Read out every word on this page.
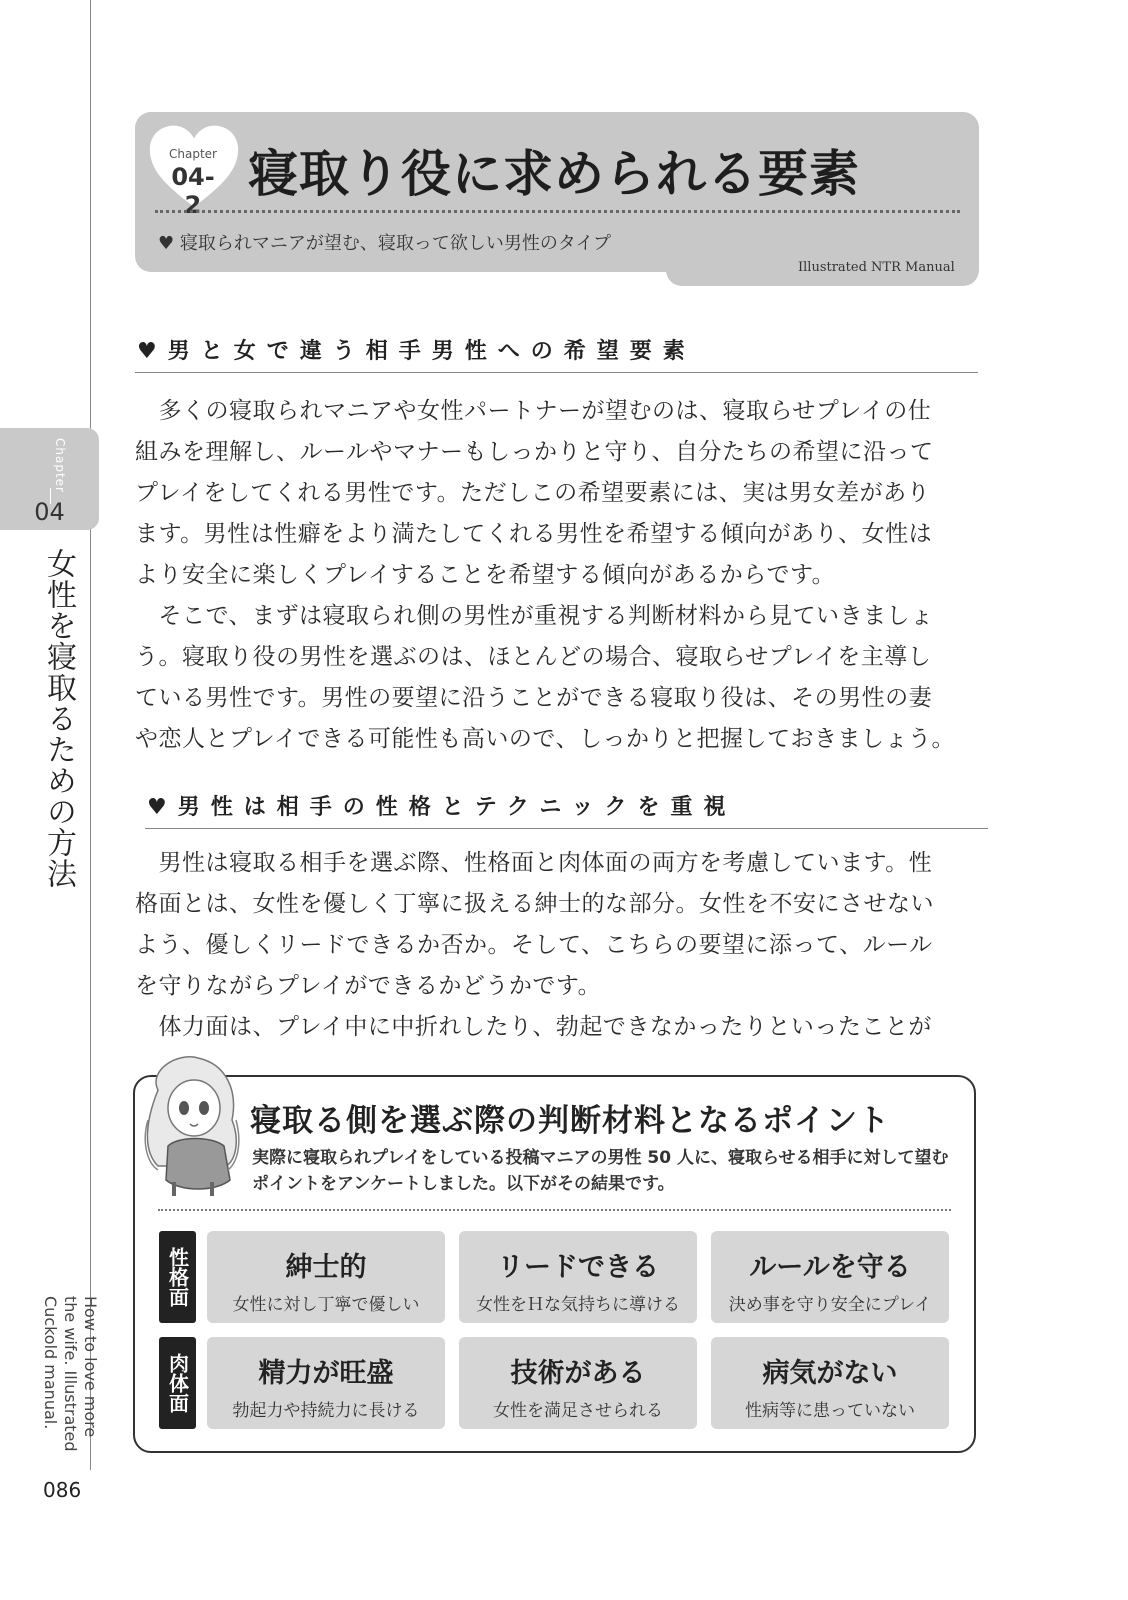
Chapter
04
女性を寝取るための方法
How to love more the wife. Illustrated Cuckold manual.
086
Chapter
04-2
寝取り役に求められる要素
♥ 寝取られマニアが望む、寝取って欲しい男性のタイプ
Illustrated NTR Manual
♥男と女で違う相手男性への希望要素
　多くの寝取られマニアや女性パートナーが望むのは、寝取らせプレイの仕
組みを理解し、ルールやマナーもしっかりと守り、自分たちの希望に沿って
プレイをしてくれる男性です。ただしこの希望要素には、実は男女差があり
ます。男性は性癖をより満たしてくれる男性を希望する傾向があり、女性は
より安全に楽しくプレイすることを希望する傾向があるからです。
　そこで、まずは寝取られ側の男性が重視する判断材料から見ていきましょ
う。寝取り役の男性を選ぶのは、ほとんどの場合、寝取らせプレイを主導し
ている男性です。男性の要望に沿うことができる寝取り役は、その男性の妻
や恋人とプレイできる可能性も高いので、しっかりと把握しておきましょう。
♥男性は相手の性格とテクニックを重視
　男性は寝取る相手を選ぶ際、性格面と肉体面の両方を考慮しています。性
格面とは、女性を優しく丁寧に扱える紳士的な部分。女性を不安にさせない
よう、優しくリードできるか否か。そして、こちらの要望に添って、ルール
を守りながらプレイができるかどうかです。
　体力面は、プレイ中に中折れしたり、勃起できなかったりといったことが
寝取る側を選ぶ際の判断材料となるポイント
実際に寝取られプレイをしている投稿マニアの男性 50 人に、寝取らせる相手に対して望むポイントをアンケートしました。以下がその結果です。
性格面	紳士的
女性に対し丁寧で優しい
リードできる
女性をＨな気持ちに導ける
ルールを守る
決め事を守り安全にプレイ
肉体面	精力が旺盛
勃起力や持続力に長ける
技術がある
女性を満足させられる
病気がない
性病等に患っていない
